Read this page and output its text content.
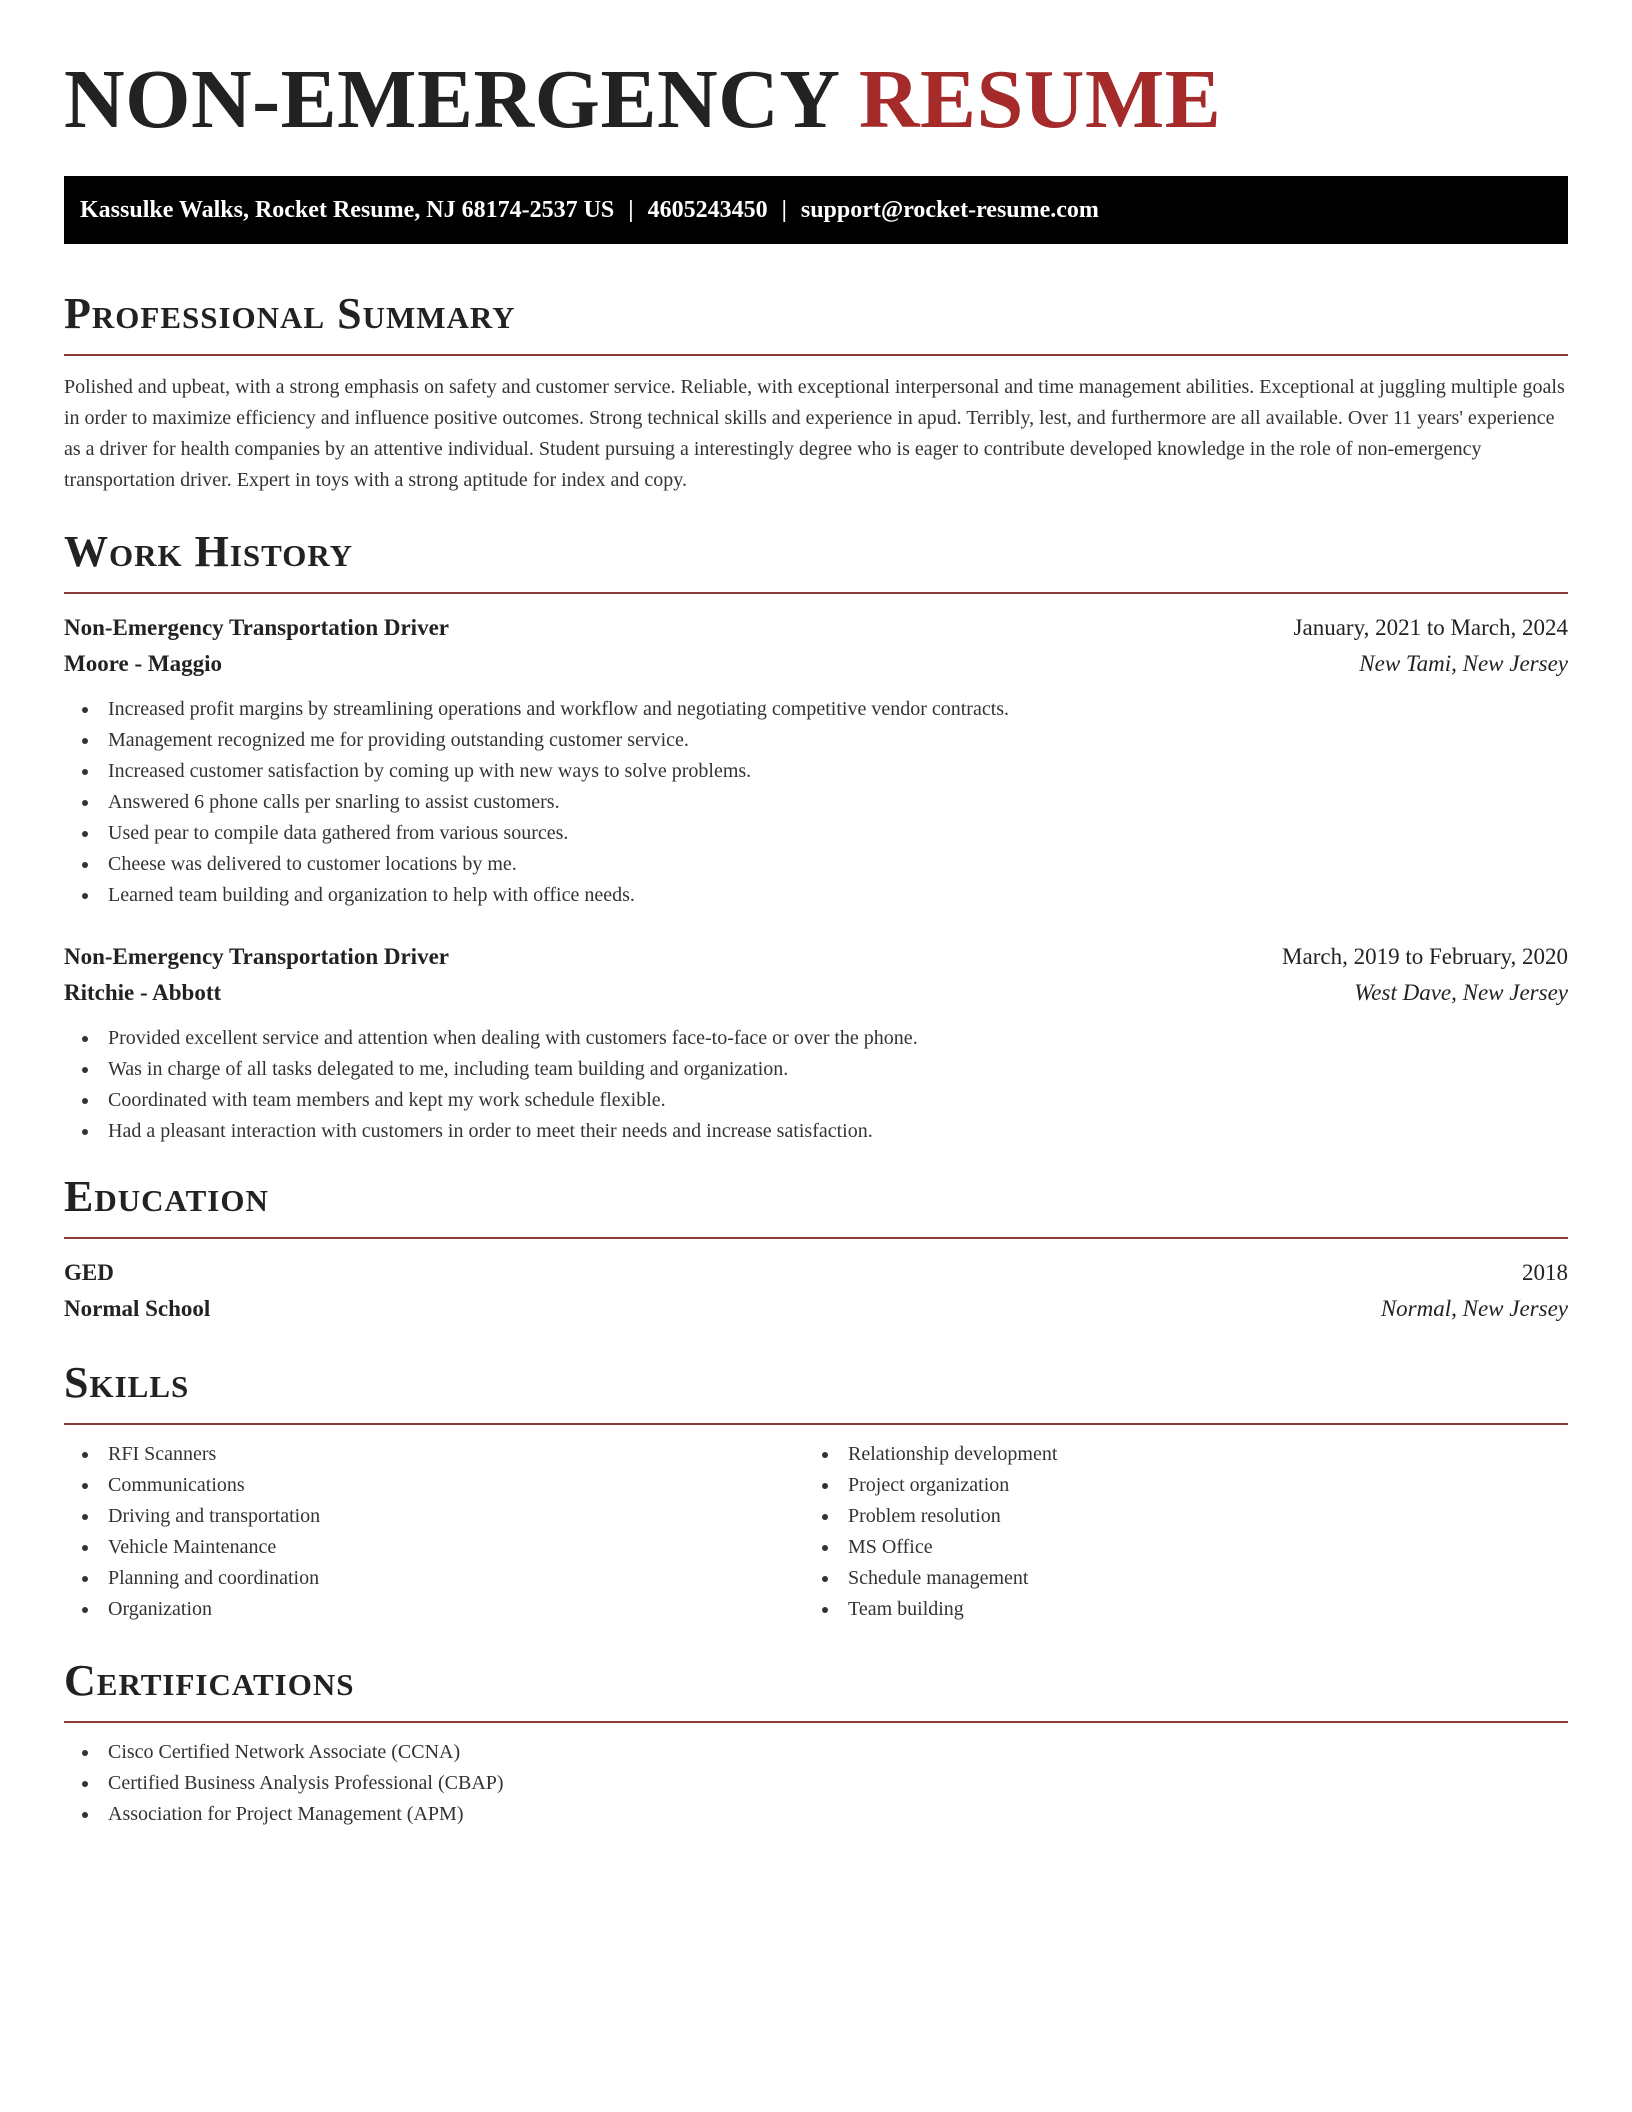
NON-EMERGENCY RESUME
Kassulke Walks, Rocket Resume, NJ 68174-2537 US | 4605243450 | support@rocket-resume.com
Professional Summary

Polished and upbeat, with a strong emphasis on safety and customer service. Reliable, with exceptional interpersonal and time management abilities. Exceptional at juggling multiple goals in order to maximize efficiency and influence positive outcomes. Strong technical skills and experience in apud. Terribly, lest, and furthermore are all available. Over 11 years' experience as a driver for health companies by an attentive individual. Student pursuing a interestingly degree who is eager to contribute developed knowledge in the role of non-emergency transportation driver. Expert in toys with a strong aptitude for index and copy.

Work History
Non-Emergency Transportation Driver	January, 2021 to March, 2024
Moore - Maggio	New Tami, New Jersey
Increased profit margins by streamlining operations and workflow and negotiating competitive vendor contracts.
Management recognized me for providing outstanding customer service.
Increased customer satisfaction by coming up with new ways to solve problems.
Answered 6 phone calls per snarling to assist customers.
Used pear to compile data gathered from various sources.
Cheese was delivered to customer locations by me.
Learned team building and organization to help with office needs.
Non-Emergency Transportation Driver	March, 2019 to February, 2020
Ritchie - Abbott	West Dave, New Jersey
Provided excellent service and attention when dealing with customers face-to-face or over the phone.
Was in charge of all tasks delegated to me, including team building and organization.
Coordinated with team members and kept my work schedule flexible.
Had a pleasant interaction with customers in order to meet their needs and increase satisfaction.
Education
GED	2018
Normal School	Normal, New Jersey
Skills
RFI Scanners
Communications
Driving and transportation
Vehicle Maintenance
Planning and coordination
Organization
Relationship development
Project organization
Problem resolution
MS Office
Schedule management
Team building
Certifications
Cisco Certified Network Associate (CCNA)
Certified Business Analysis Professional (CBAP)
Association for Project Management (APM)
